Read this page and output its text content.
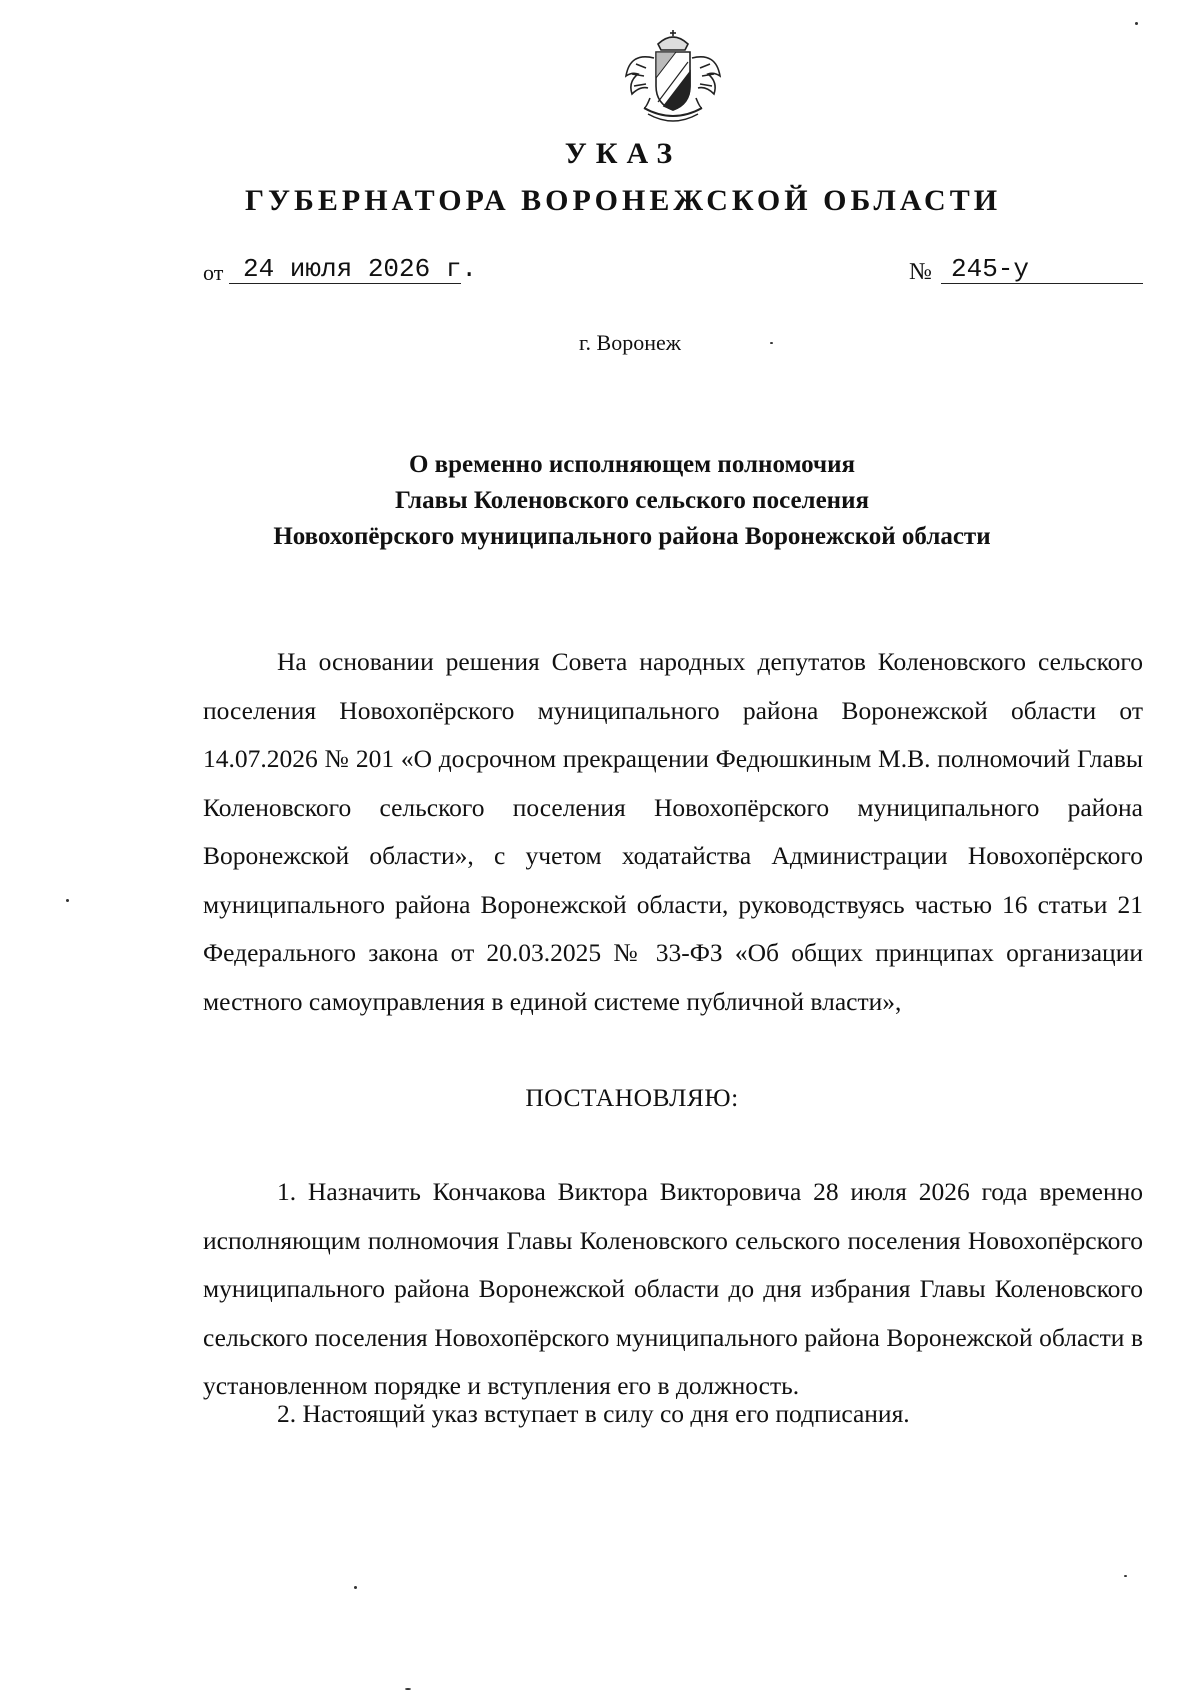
УКАЗ
ГУБЕРНАТОРА ВОРОНЕЖСКОЙ ОБЛАСТИ
от 24 июля 2026 г.	№ 245-у
г. Воронеж
О временно исполняющем полномочия
Главы Коленовского сельского поселения
Новохопёрского муниципального района Воронежской области

На основании решения Совета народных депутатов Коленовского сельского поселения Новохопёрского муниципального района Воронежской области от 14.07.2026 № 201 «О досрочном прекращении Федюшкиным М.В. полномочий Главы Коленовского сельского поселения Новохопёрского муниципального района Воронежской области», с учетом ходатайства Администрации Новохопёрского муниципального района Воронежской области, руководствуясь частью 16 статьи 21 Федерального закона от 20.03.2025 № 33-ФЗ «Об общих принципах организации местного самоуправления в единой системе публичной власти»,

ПОСТАНОВЛЯЮ:

1. Назначить Кончакова Виктора Викторовича 28 июля 2026 года временно исполняющим полномочия Главы Коленовского сельского поселения Новохопёрского муниципального района Воронежской области до дня избрания Главы Коленовского сельского поселения Новохопёрского муниципального района Воронежской области в установленном порядке и вступления его в должность.

2. Настоящий указ вступает в силу со дня его подписания.
